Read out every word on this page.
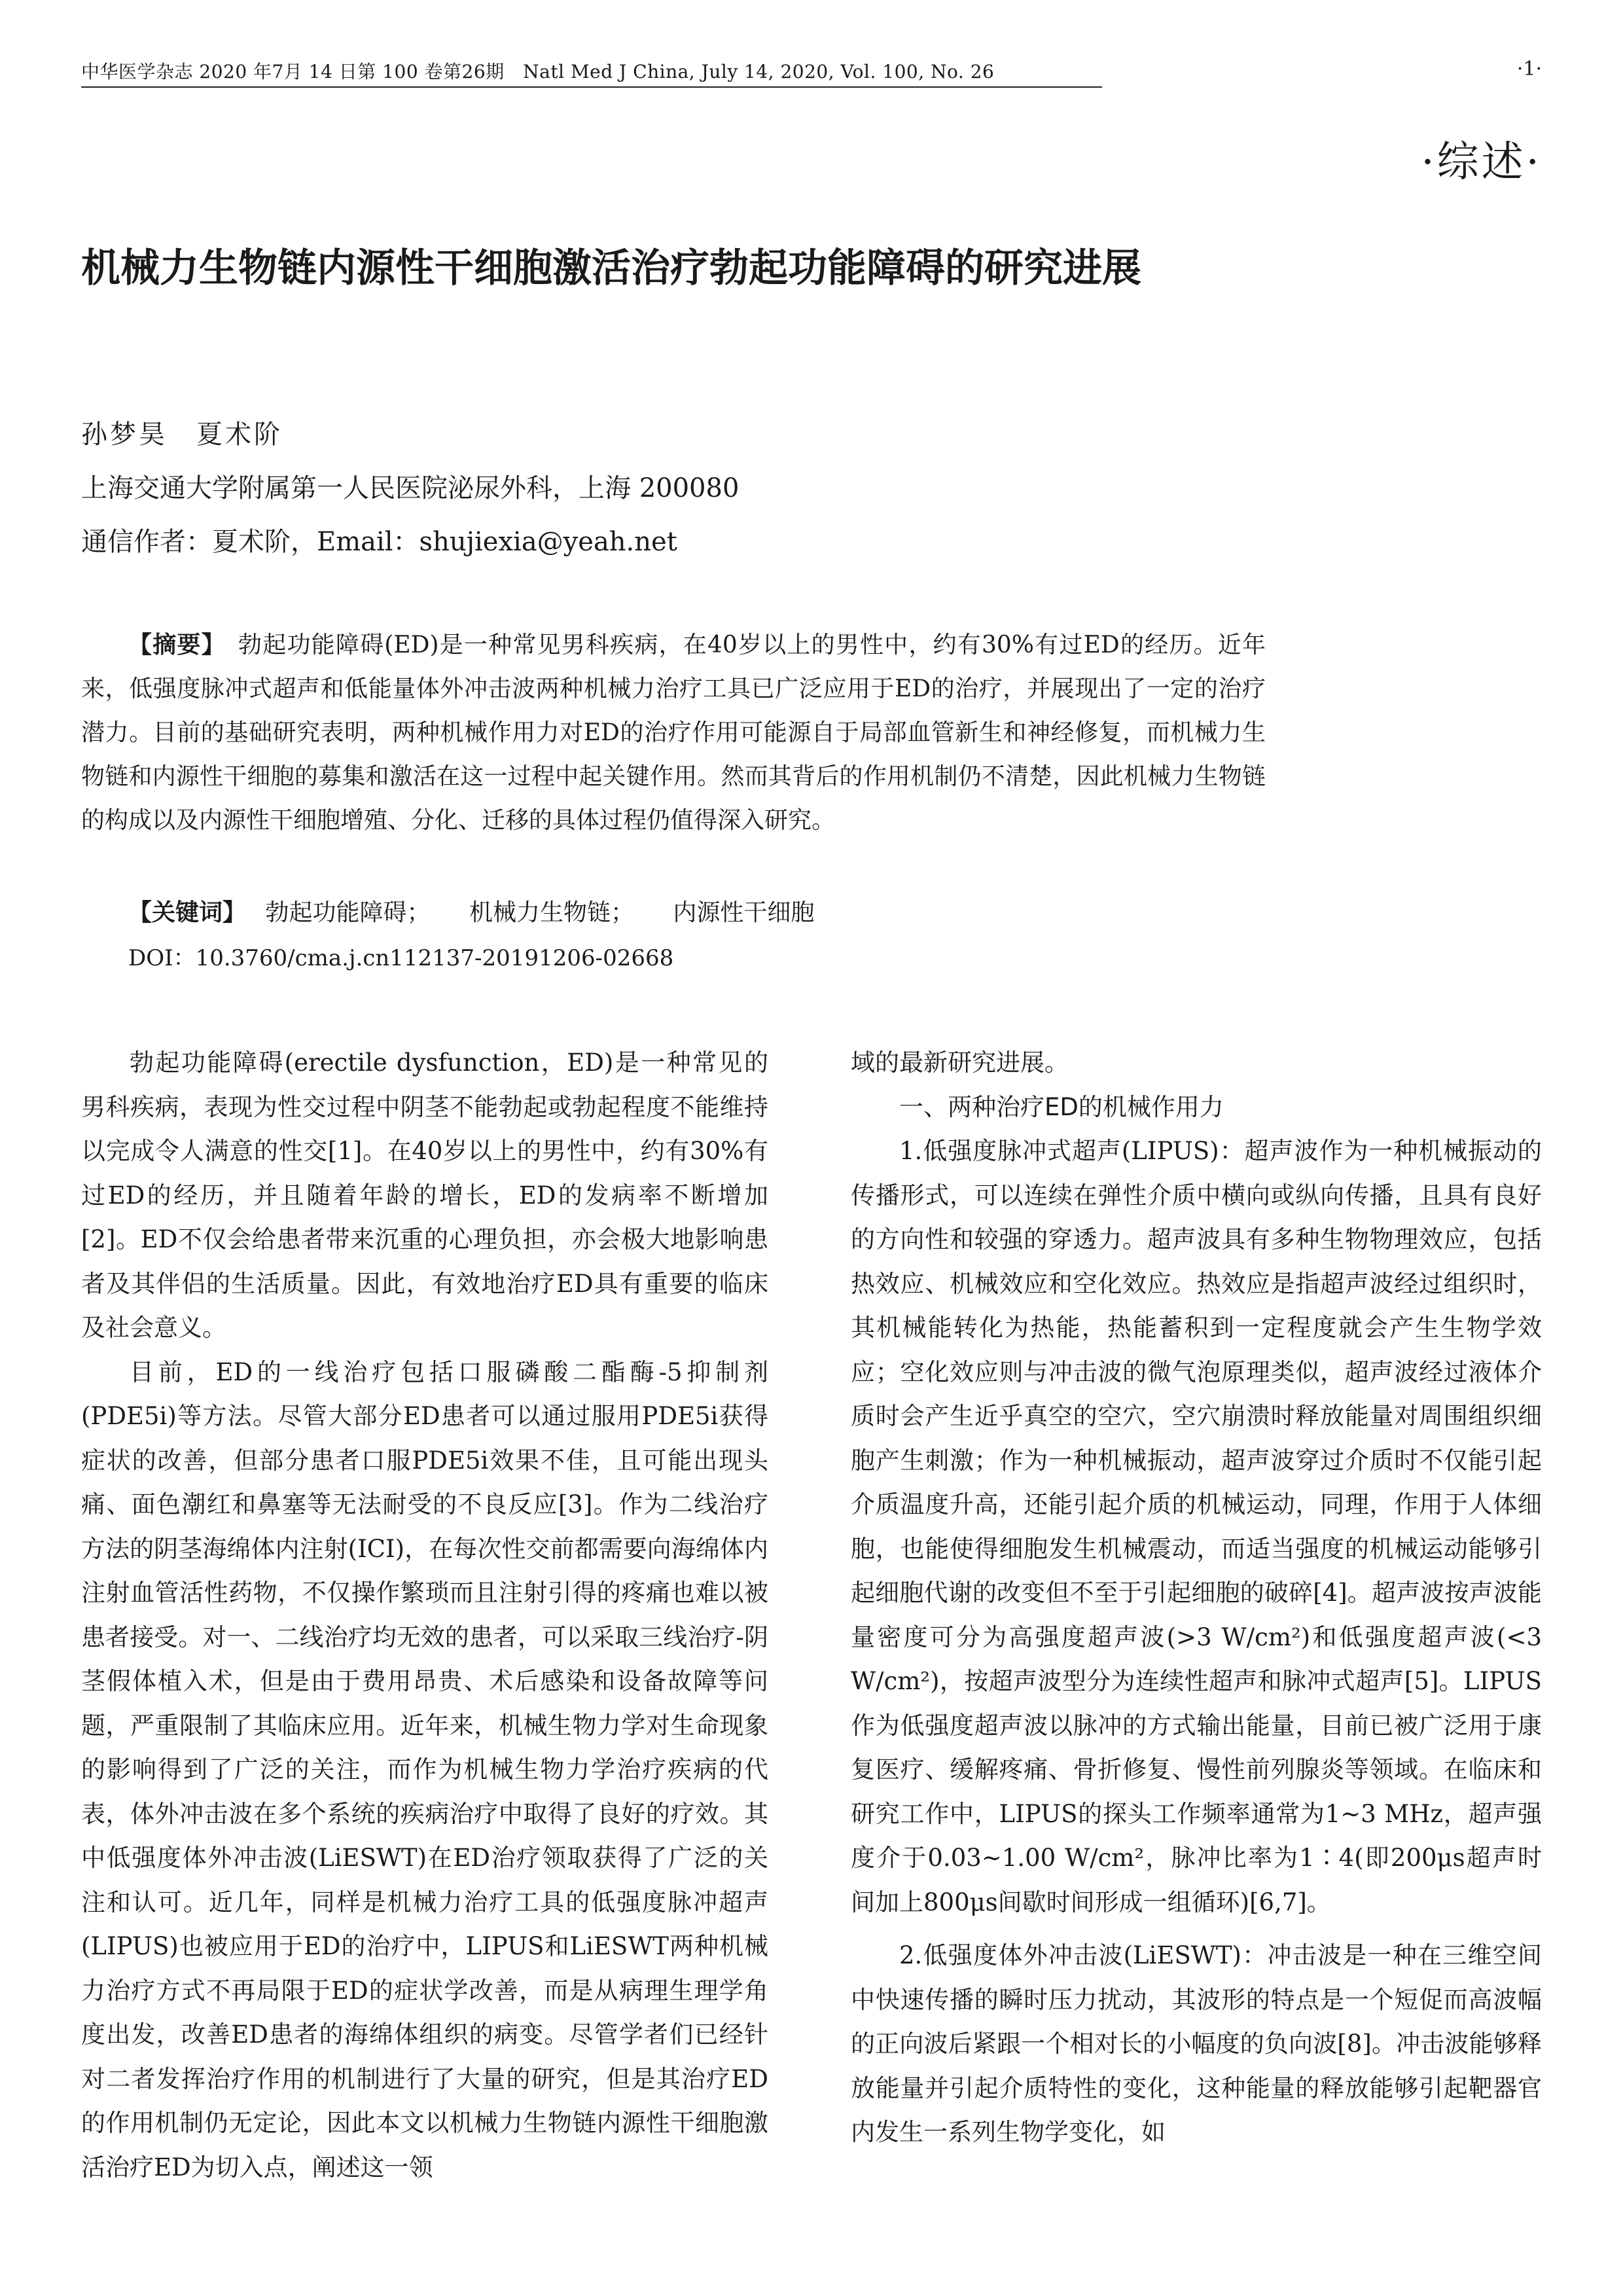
中华医学杂志 2020 年7月 14 日第 100 卷第26期　Natl Med J China, July 14, 2020, Vol. 100, No. 26	·1·
·综述·
机械力生物链内源性干细胞激活治疗勃起功能障碍的研究进展
孙梦昊　夏术阶
上海交通大学附属第一人民医院泌尿外科，上海 200080
通信作者：夏术阶，Email：shujiexia@yeah.net

【摘要】　 勃起功能障碍(ED)是一种常见男科疾病，在40岁以上的男性中，约有30%有过ED的经历。近年来，低强度脉冲式超声和低能量体外冲击波两种机械力治疗工具已广泛应用于ED的治疗，并展现出了一定的治疗潜力。目前的基础研究表明，两种机械作用力对ED的治疗作用可能源自于局部血管新生和神经修复，而机械力生物链和内源性干细胞的募集和激活在这一过程中起关键作用。然而其背后的作用机制仍不清楚，因此机械力生物链的构成以及内源性干细胞增殖、分化、迁移的具体过程仍值得深入研究。

【关键词】　 勃起功能障碍； 机械力生物链； 内源性干细胞
DOI：10.3760/cma.j.cn112137-20191206-02668

勃起功能障碍(erectile dysfunction，ED)是一种常见的男科疾病，表现为性交过程中阴茎不能勃起或勃起程度不能维持以完成令人满意的性交[1]。在40岁以上的男性中，约有30%有过ED的经历，并且随着年龄的增长，ED的发病率不断增加[2]。ED不仅会给患者带来沉重的心理负担，亦会极大地影响患者及其伴侣的生活质量。因此，有效地治疗ED具有重要的临床及社会意义。

目前，ED的一线治疗包括口服磷酸二酯酶-5抑制剂(PDE5i)等方法。尽管大部分ED患者可以通过服用PDE5i获得症状的改善，但部分患者口服PDE5i效果不佳，且可能出现头痛、面色潮红和鼻塞等无法耐受的不良反应[3]。作为二线治疗方法的阴茎海绵体内注射(ICI)，在每次性交前都需要向海绵体内注射血管活性药物，不仅操作繁琐而且注射引得的疼痛也难以被患者接受。对一、二线治疗均无效的患者，可以采取三线治疗-阴茎假体植入术，但是由于费用昂贵、术后感染和设备故障等问题，严重限制了其临床应用。近年来，机械生物力学对生命现象的影响得到了广泛的关注，而作为机械生物力学治疗疾病的代表，体外冲击波在多个系统的疾病治疗中取得了良好的疗效。其中低强度体外冲击波(LiESWT)在ED治疗领取获得了广泛的关注和认可。近几年，同样是机械力治疗工具的低强度脉冲超声(LIPUS)也被应用于ED的治疗中，LIPUS和LiESWT两种机械力治疗方式不再局限于ED的症状学改善，而是从病理生理学角度出发，改善ED患者的海绵体组织的病变。尽管学者们已经针对二者发挥治疗作用的机制进行了大量的研究，但是其治疗ED的作用机制仍无定论，因此本文以机械力生物链内源性干细胞激活治疗ED为切入点，阐述这一领

域的最新研究进展。

一、两种治疗ED的机械作用力

1.低强度脉冲式超声(LIPUS)：超声波作为一种机械振动的传播形式，可以连续在弹性介质中横向或纵向传播，且具有良好的方向性和较强的穿透力。超声波具有多种生物物理效应，包括热效应、机械效应和空化效应。热效应是指超声波经过组织时，其机械能转化为热能，热能蓄积到一定程度就会产生生物学效应；空化效应则与冲击波的微气泡原理类似，超声波经过液体介质时会产生近乎真空的空穴，空穴崩溃时释放能量对周围组织细胞产生刺激；作为一种机械振动，超声波穿过介质时不仅能引起介质温度升高，还能引起介质的机械运动，同理，作用于人体细胞，也能使得细胞发生机械震动，而适当强度的机械运动能够引起细胞代谢的改变但不至于引起细胞的破碎[4]。超声波按声波能量密度可分为高强度超声波(>3 W/cm²)和低强度超声波(<3 W/cm²)，按超声波型分为连续性超声和脉冲式超声[5]。LIPUS作为低强度超声波以脉冲的方式输出能量，目前已被广泛用于康复医疗、缓解疼痛、骨折修复、慢性前列腺炎等领域。在临床和研究工作中，LIPUS的探头工作频率通常为1~3 MHz，超声强度介于0.03~1.00 W/cm²，脉冲比率为1∶4(即200μs超声时间加上800μs间歇时间形成一组循环)[6,7]。

2.低强度体外冲击波(LiESWT)：冲击波是一种在三维空间中快速传播的瞬时压力扰动，其波形的特点是一个短促而高波幅的正向波后紧跟一个相对长的小幅度的负向波[8]。冲击波能够释放能量并引起介质特性的变化，这种能量的释放能够引起靶器官内发生一系列生物学变化，如
